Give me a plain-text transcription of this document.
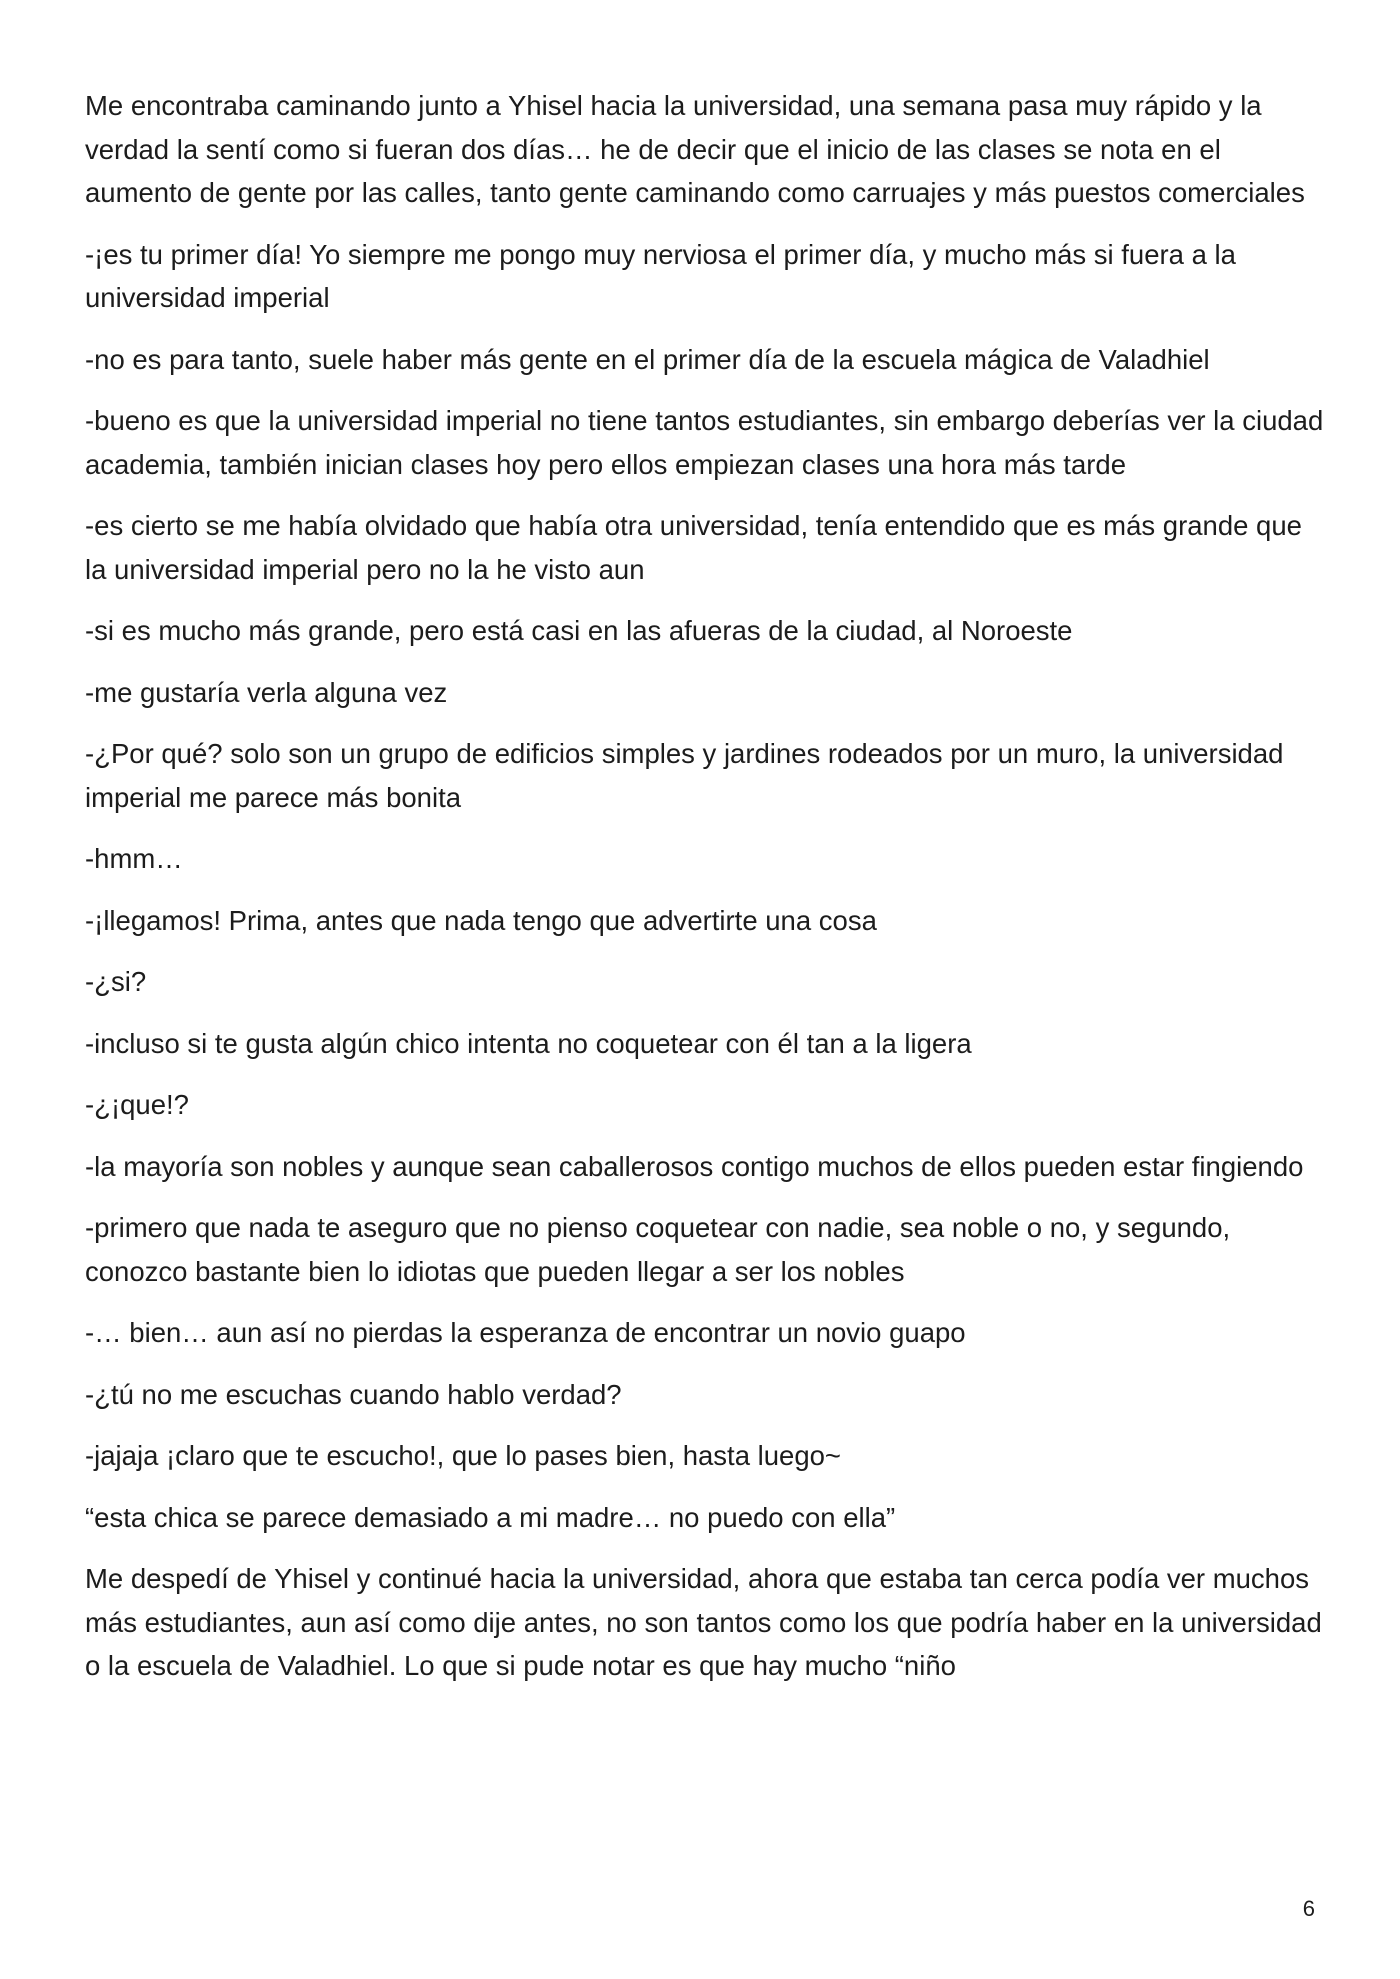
Me encontraba caminando junto a Yhisel hacia la universidad, una semana pasa muy rápido y la verdad la sentí como si fueran dos días… he de decir que el inicio de las clases se nota en el aumento de gente por las calles, tanto gente caminando como carruajes y más puestos comerciales

-¡es tu primer día! Yo siempre me pongo muy nerviosa el primer día, y mucho más si fuera a la universidad imperial

-no es para tanto, suele haber más gente en el primer día de la escuela mágica de Valadhiel

-bueno es que la universidad imperial no tiene tantos estudiantes, sin embargo deberías ver la ciudad academia, también inician clases hoy pero ellos empiezan clases una hora más tarde

-es cierto se me había olvidado que había otra universidad, tenía entendido que es más grande que la universidad imperial pero no la he visto aun

-si es mucho más grande, pero está casi en las afueras de la ciudad, al Noroeste

-me gustaría verla alguna vez

-¿Por qué? solo son un grupo de edificios simples y jardines rodeados por un muro, la universidad imperial me parece más bonita

-hmm…

-¡llegamos! Prima, antes que nada tengo que advertirte una cosa

-¿si?

-incluso si te gusta algún chico intenta no coquetear con él tan a la ligera

-¿¡que!?

-la mayoría son nobles y aunque sean caballerosos contigo muchos de ellos pueden estar fingiendo

-primero que nada te aseguro que no pienso coquetear con nadie, sea noble o no, y segundo, conozco bastante bien lo idiotas que pueden llegar a ser los nobles

-… bien… aun así no pierdas la esperanza de encontrar un novio guapo

-¿tú no me escuchas cuando hablo verdad?

-jajaja ¡claro que te escucho!, que lo pases bien, hasta luego~

“esta chica se parece demasiado a mi madre… no puedo con ella”

Me despedí de Yhisel y continué hacia la universidad, ahora que estaba tan cerca podía ver muchos más estudiantes, aun así como dije antes, no son tantos como los que podría haber en la universidad o la escuela de Valadhiel. Lo que si pude notar es que hay mucho “niño

6
